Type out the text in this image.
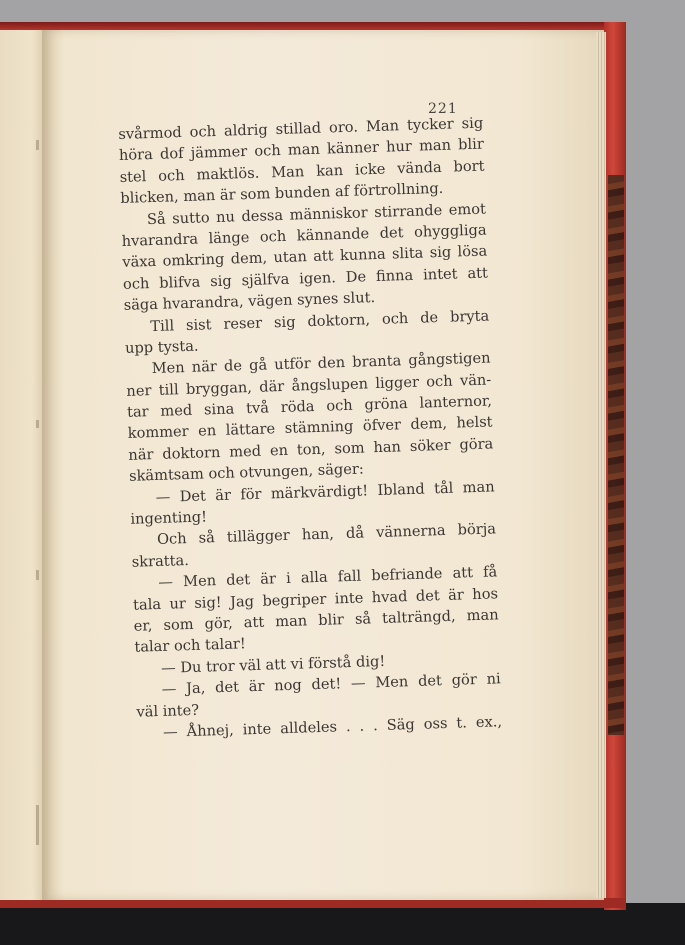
221
svårmod och aldrig stillad oro. Man tycker sig
höra dof jämmer och man känner hur man blir
stel och maktlös. Man kan icke vända bort
blicken, man är som bunden af förtrollning.
Så sutto nu dessa människor stirrande emot
hvarandra länge och kännande det ohyggliga
växa omkring dem, utan att kunna slita sig lösa
och blifva sig själfva igen. De finna intet att
säga hvarandra, vägen synes slut.
Till sist reser sig doktorn, och de bryta
upp tysta.
Men när de gå utför den branta gångstigen
ner till bryggan, där ångslupen ligger och vän-
tar med sina två röda och gröna lanternor,
kommer en lättare stämning öfver dem, helst
när doktorn med en ton, som han söker göra
skämtsam och otvungen, säger:
— Det är för märkvärdigt! Ibland tål man
ingenting!
Och så tillägger han, då vännerna börja
skratta.
— Men det är i alla fall befriande att få
tala ur sig! Jag begriper inte hvad det är hos
er, som gör, att man blir så talträngd, man
talar och talar!
— Du tror väl att vi förstå dig!
— Ja, det är nog det! — Men det gör ni
väl inte?
— Åhnej, inte alldeles . . . Säg oss t. ex.,
